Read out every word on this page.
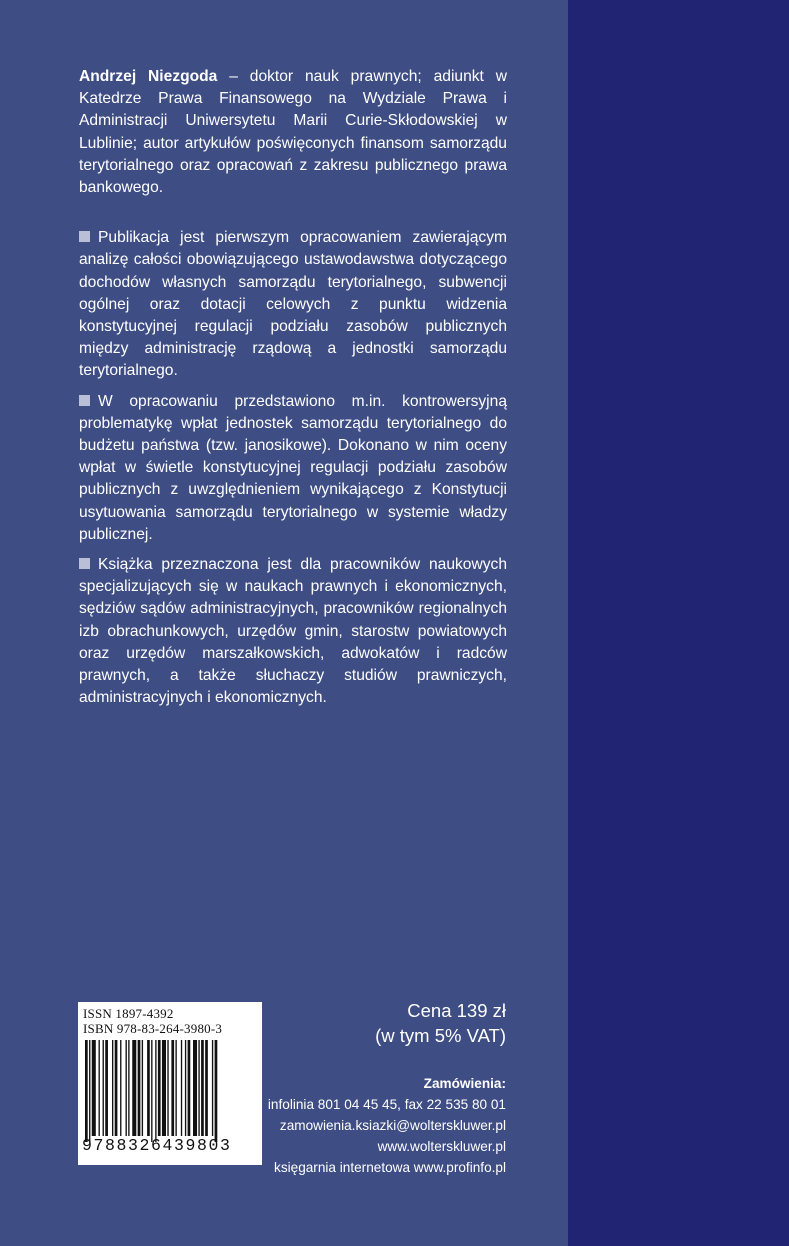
Andrzej Niezgoda – doktor nauk prawnych; adiunkt w Katedrze Prawa Finansowego na Wydziale Prawa i Administracji Uniwersytetu Marii Curie-Skłodowskiej w Lublinie; autor artykułów poświęconych finansom samorządu terytorialnego oraz opracowań z zakresu publicznego prawa bankowego.

Publikacja jest pierwszym opracowaniem zawierającym analizę całości obowiązującego ustawodawstwa dotyczącego dochodów własnych samorządu terytorialnego, subwencji ogólnej oraz dotacji celowych z punktu widzenia konstytucyjnej regulacji podziału zasobów publicznych między administrację rządową a jednostki samorządu terytorialnego.

W opracowaniu przedstawiono m.in. kontrowersyjną problematykę wpłat jednostek samorządu terytorialnego do budżetu państwa (tzw. janosikowe). Dokonano w nim oceny wpłat w świetle konstytucyjnej regulacji podziału zasobów publicznych z uwzględnieniem wynikającego z Konstytucji usytuowania samorządu terytorialnego w systemie władzy publicznej.

Książka przeznaczona jest dla pracowników naukowych specjalizujących się w naukach prawnych i ekonomicznych, sędziów sądów administracyjnych, pracowników regionalnych izb obrachunkowych, urzędów gmin, starostw powiatowych oraz urzędów marszałkowskich, adwokatów i radców prawnych, a także słuchaczy studiów prawniczych, administracyjnych i ekonomicznych.

ISSN 1897-4392
ISBN 978-83-264-3980-3
9788326439803
Cena 139 zł
(w tym 5% VAT)
Zamówienia:
infolinia 801 04 45 45, fax 22 535 80 01
zamowienia.ksiazki@wolterskluwer.pl
www.wolterskluwer.pl
księgarnia internetowa www.profinfo.pl
